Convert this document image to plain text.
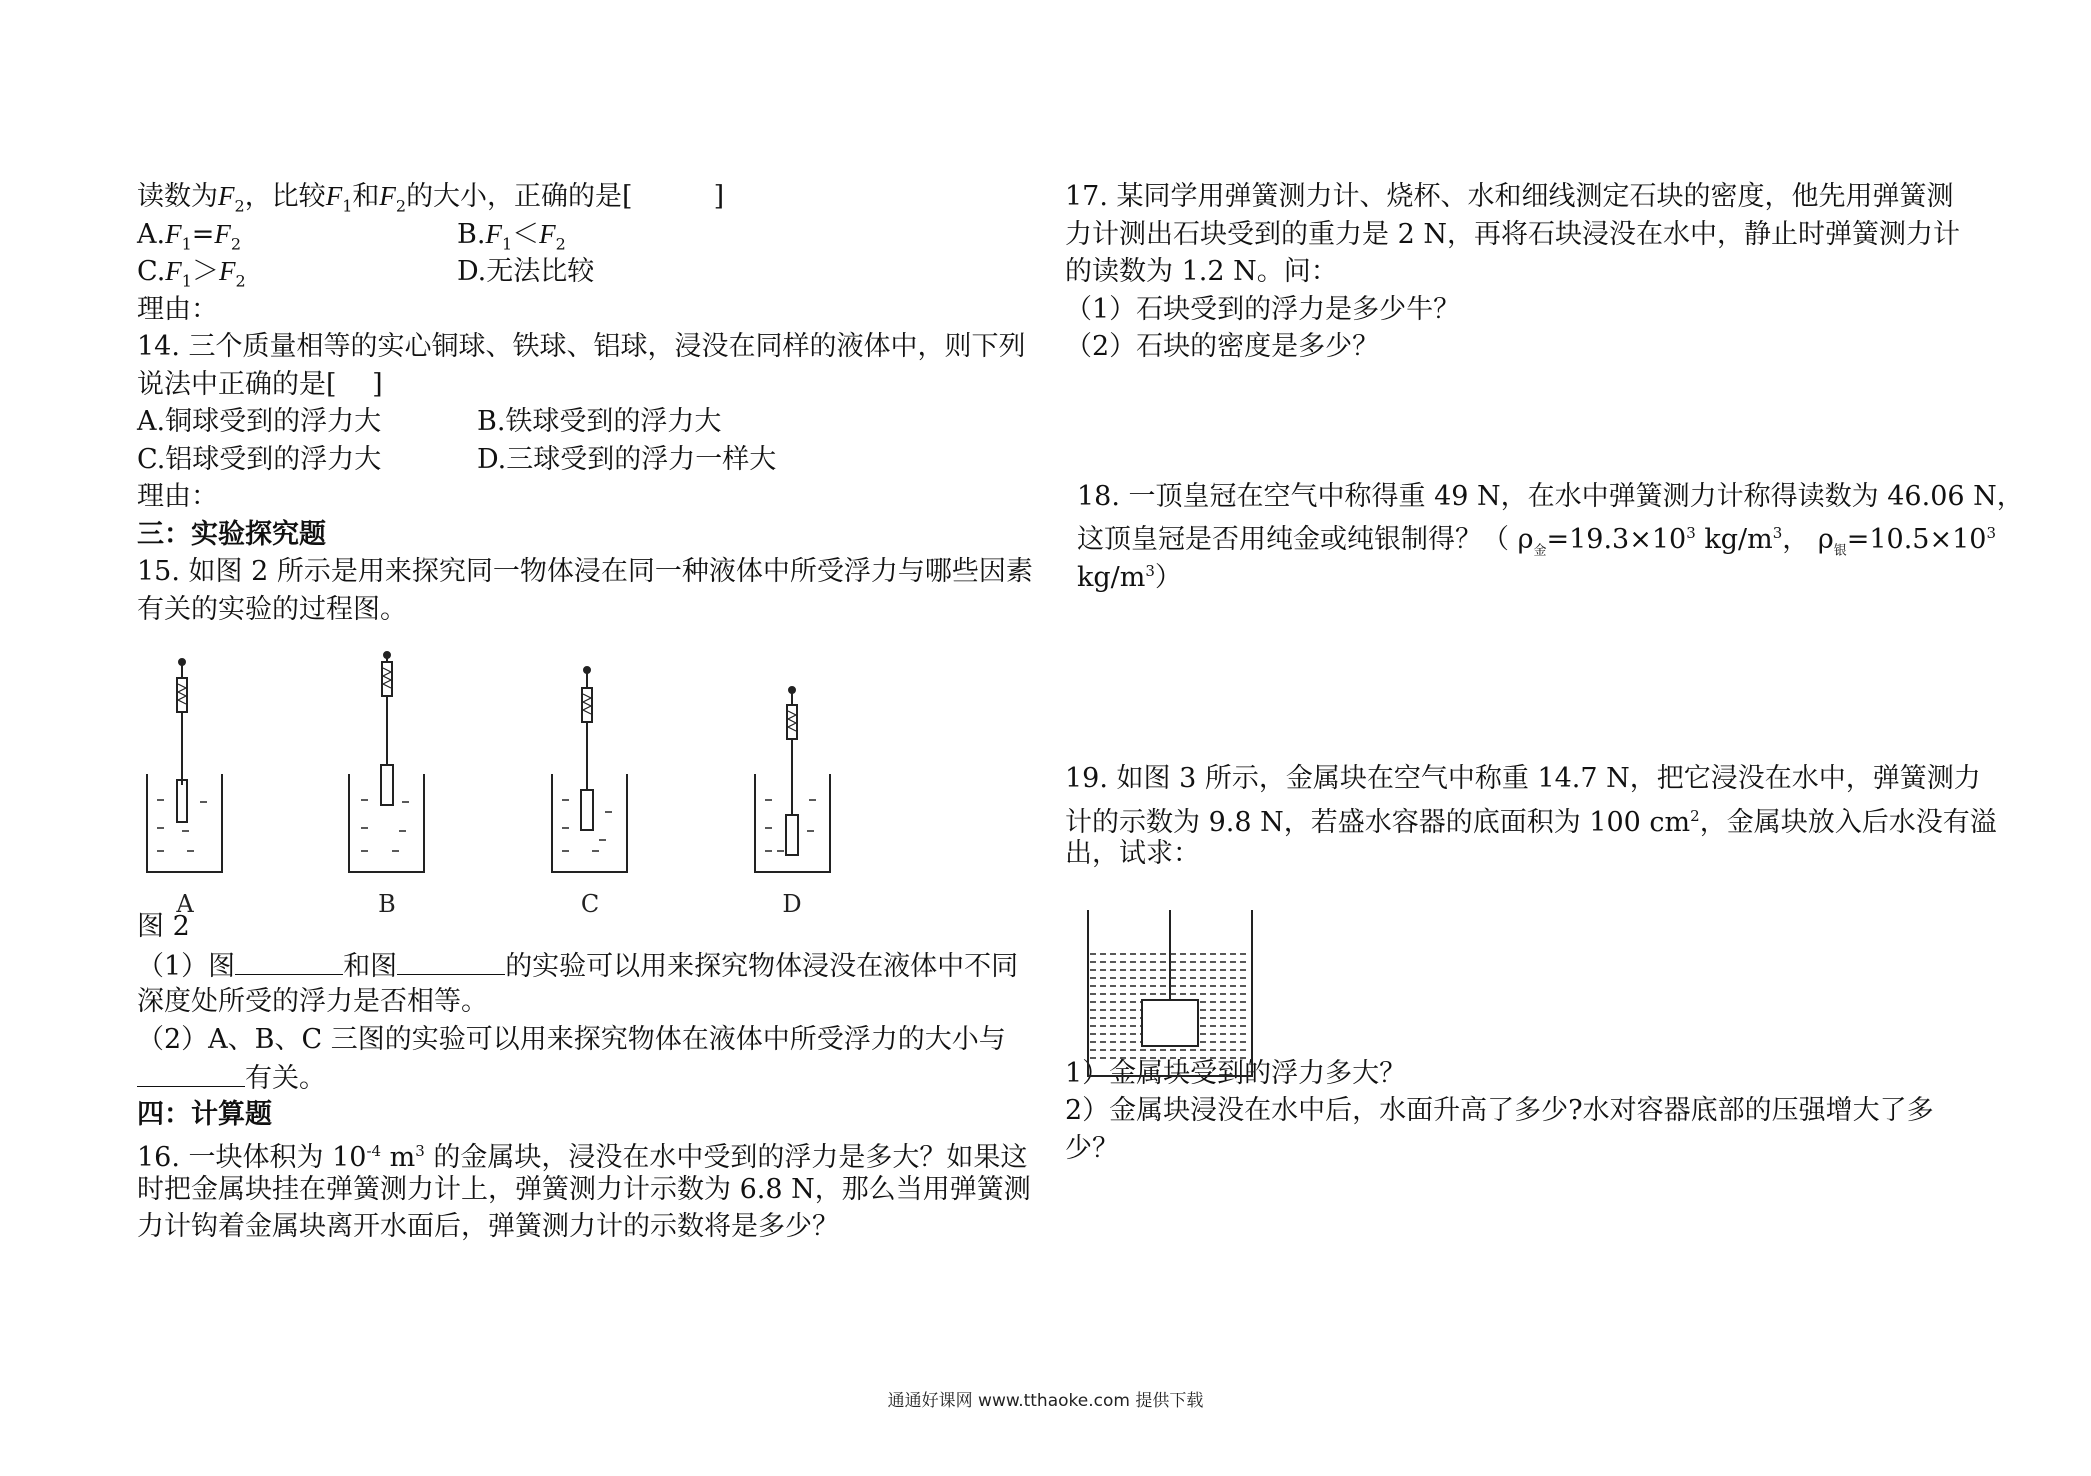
读数为$F_2$，比较$F_1$和$F_2$的大小，正确的是[　　　]
$A.F_1=F_2$	$B.F_1<F_2$
$C.F_1>F_2$	D.无法比较
理由：
14. 三个质量相等的实心铜球、铁球、铝球，浸没在同样的液体中，则下列
说法中正确的是[　 ]
A.铜球受到的浮力大	B.铁球受到的浮力大
C.铝球受到的浮力大	D.三球受到的浮力一样大
理由：
三：实验探究题
15. 如图 2 所示是用来探究同一物体浸在同一种液体中所受浮力与哪些因素
有关的实验的过程图。
图 2
（1）图	和图	的实验可以用来探究物体浸没在液体中不同
深度处所受的浮力是否相等。
（2）A、B、C 三图的实验可以用来探究物体在液体中所受浮力的大小与
有关。
四：计算题
16. 一块体积为 $10^{-4}$ $m^3$ 的金属块，浸没在水中受到的浮力是多大？如果这
时把金属块挂在弹簧测力计上，弹簧测力计示数为 6.8 N，那么当用弹簧测
力计钩着金属块离开水面后，弹簧测力计的示数将是多少？
A	B	C	D
17. 某同学用弹簧测力计、烧杯、水和细线测定石块的密度，他先用弹簧测
力计测出石块受到的重力是 2 N，再将石块浸没在水中，静止时弹簧测力计
的读数为 1.2 N。问：
（1）石块受到的浮力是多少牛？
（2）石块的密度是多少？
18. 一顶皇冠在空气中称得重 49 N，在水中弹簧测力计称得读数为 46.06 N，
这顶皇冠是否用纯金或纯银制得？（ $\rho_金=19.3\times 10^3$ $kg/m^3$， $\rho_银=10.5\times 10^3$
$kg/m^3$）
19. 如图 3 所示，金属块在空气中称重 14.7 N，把它浸没在水中，弹簧测力
计的示数为 9.8 N，若盛水容器的底面积为 100 $cm^2$，金属块放入后水没有溢
出，试求：
1）金属块受到的浮力多大？
2）金属块浸没在水中后，水面升高了多少?水对容器底部的压强增大了多
少？
通通好课网 www.tthaoke.com 提供下载
